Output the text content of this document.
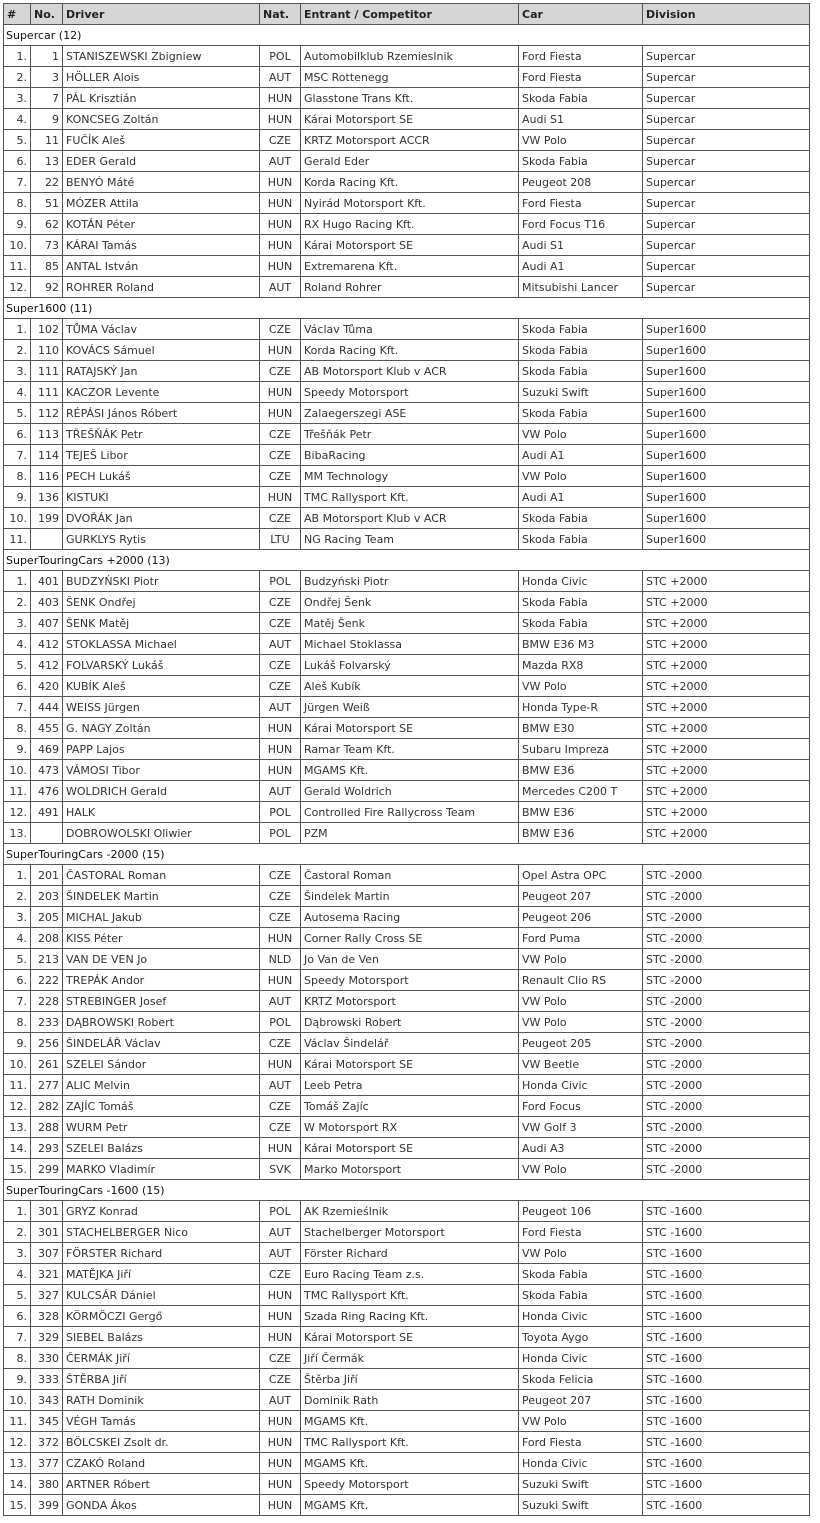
#	No.	Driver	Nat.	Entrant / Competitor	Car	Division
Supercar (12)						
1.	1	STANISZEWSKI Zbigniew	POL	Automobilklub Rzemieslnik	Ford Fiesta	Supercar
2.	3	HÖLLER Alois	AUT	MSC Rottenegg	Ford Fiesta	Supercar
3.	7	PÁL Krisztián	HUN	Glasstone Trans Kft.	Skoda Fabia	Supercar
4.	9	KONCSEG Zoltán	HUN	Kárai Motorsport SE	Audi S1	Supercar
5.	11	FUČÍK Aleš	CZE	KRTZ Motorsport ACCR	VW Polo	Supercar
6.	13	EDER Gerald	AUT	Gerald Eder	Skoda Fabia	Supercar
7.	22	BENYÓ Máté	HUN	Korda Racing Kft.	Peugeot 208	Supercar
8.	51	MÓZER Attila	HUN	Nyirád Motorsport Kft.	Ford Fiesta	Supercar
9.	62	KOTÁN Péter	HUN	RX Hugo Racing Kft.	Ford Focus T16	Supercar
10.	73	KÁRAI Tamás	HUN	Kárai Motorsport SE	Audi S1	Supercar
11.	85	ANTAL István	HUN	Extremarena Kft.	Audi A1	Supercar
12.	92	ROHRER Roland	AUT	Roland Rohrer	Mitsubishi Lancer	Supercar
Super1600 (11)						
1.	102	TŮMA Václav	CZE	Václav Tůma	Skoda Fabia	Super1600
2.	110	KOVÁCS Sámuel	HUN	Korda Racing Kft.	Skoda Fabia	Super1600
3.	111	RATAJSKÝ Jan	CZE	AB Motorsport Klub v ACR	Skoda Fabia	Super1600
4.	111	KACZOR Levente	HUN	Speedy Motorsport	Suzuki Swift	Super1600
5.	112	RÉPÁSI János Róbert	HUN	Zalaegerszegi ASE	Skoda Fabia	Super1600
6.	113	TŘEŠŇÁK Petr	CZE	Třešňák Petr	VW Polo	Super1600
7.	114	TEJEŠ Libor	CZE	BibaRacing	Audi A1	Super1600
8.	116	PECH Lukáš	CZE	MM Technology	VW Polo	Super1600
9.	136	KISTUKI	HUN	TMC Rallysport Kft.	Audi A1	Super1600
10.	199	DVOŘÁK Jan	CZE	AB Motorsport Klub v ACR	Skoda Fabia	Super1600
11.		GURKLYS Rytis	LTU	NG Racing Team	Skoda Fabia	Super1600
SuperTouringCars +2000 (13)						
1.	401	BUDZYŃSKI Piotr	POL	Budzyński Piotr	Honda Civic	STC +2000
2.	403	ŠENK Ondřej	CZE	Ondřej Šenk	Skoda Fabia	STC +2000
3.	407	ŠENK Matěj	CZE	Matěj Šenk	Skoda Fabia	STC +2000
4.	412	STOKLASSA Michael	AUT	Michael Stoklassa	BMW E36 M3	STC +2000
5.	412	FOLVARSKÝ Lukáš	CZE	Lukáš Folvarský	Mazda RX8	STC +2000
6.	420	KUBÍK Aleš	CZE	Aleš Kubík	VW Polo	STC +2000
7.	444	WEISS Jürgen	AUT	Jürgen Weiß	Honda Type-R	STC +2000
8.	455	G. NAGY Zoltán	HUN	Kárai Motorsport SE	BMW E30	STC +2000
9.	469	PAPP Lajos	HUN	Ramar Team Kft.	Subaru Impreza	STC +2000
10.	473	VÁMOSI Tibor	HUN	MGAMS Kft.	BMW E36	STC +2000
11.	476	WOLDRICH Gerald	AUT	Gerald Woldrich	Mercedes C200 T	STC +2000
12.	491	HALK	POL	Controlled Fire Rallycross Team	BMW E36	STC +2000
13.		DOBROWOLSKI Oliwier	POL	PZM	BMW E36	STC +2000
SuperTouringCars -2000 (15)						
1.	201	ČASTORAL Roman	CZE	Častoral Roman	Opel Astra OPC	STC -2000
2.	203	ŠINDELEK Martin	CZE	Šindelek Martin	Peugeot 207	STC -2000
3.	205	MICHAL Jakub	CZE	Autosema Racing	Peugeot 206	STC -2000
4.	208	KISS Péter	HUN	Corner Rally Cross SE	Ford Puma	STC -2000
5.	213	VAN DE VEN Jo	NLD	Jo Van de Ven	VW Polo	STC -2000
6.	222	TREPÁK Andor	HUN	Speedy Motorsport	Renault Clio RS	STC -2000
7.	228	STREBINGER Josef	AUT	KRTZ Motorsport	VW Polo	STC -2000
8.	233	DĄBROWSKI Robert	POL	Dąbrowski Robert	VW Polo	STC -2000
9.	256	ŠINDELÁŘ Václav	CZE	Václav Šindelář	Peugeot 205	STC -2000
10.	261	SZELEI Sándor	HUN	Kárai Motorsport SE	VW Beetle	STC -2000
11.	277	ALIC Melvin	AUT	Leeb Petra	Honda Civic	STC -2000
12.	282	ZAJÍC Tomáš	CZE	Tomáš Zajíc	Ford Focus	STC -2000
13.	288	WURM Petr	CZE	W Motorsport RX	VW Golf 3	STC -2000
14.	293	SZELEI Balázs	HUN	Kárai Motorsport SE	Audi A3	STC -2000
15.	299	MARKO Vladimír	SVK	Marko Motorsport	VW Polo	STC -2000
SuperTouringCars -1600 (15)						
1.	301	GRYZ Konrad	POL	AK Rzemieślnik	Peugeot 106	STC -1600
2.	301	STACHELBERGER Nico	AUT	Stachelberger Motorsport	Ford Fiesta	STC -1600
3.	307	FÖRSTER Richard	AUT	Förster Richard	VW Polo	STC -1600
4.	321	MATĚJKA Jiří	CZE	Euro Racing Team z.s.	Skoda Fabia	STC -1600
5.	327	KULCSÁR Dániel	HUN	TMC Rallysport Kft.	Skoda Fabia	STC -1600
6.	328	KÖRMÖCZI Gergő	HUN	Szada Ring Racing Kft.	Honda Civic	STC -1600
7.	329	SIEBEL Balázs	HUN	Kárai Motorsport SE	Toyota Aygo	STC -1600
8.	330	ČERMÁK Jiří	CZE	Jiří Čermák	Honda Civic	STC -1600
9.	333	ŠTĚRBA Jiří	CZE	Štěrba Jiří	Skoda Felicia	STC -1600
10.	343	RATH Dominik	AUT	Dominik Rath	Peugeot 207	STC -1600
11.	345	VÉGH Tamás	HUN	MGAMS Kft.	VW Polo	STC -1600
12.	372	BÖLCSKEI Zsolt dr.	HUN	TMC Rallysport Kft.	Ford Fiesta	STC -1600
13.	377	CZAKÓ Roland	HUN	MGAMS Kft.	Honda Civic	STC -1600
14.	380	ARTNER Róbert	HUN	Speedy Motorsport	Suzuki Swift	STC -1600
15.	399	GONDA Ákos	HUN	MGAMS Kft.	Suzuki Swift	STC -1600
